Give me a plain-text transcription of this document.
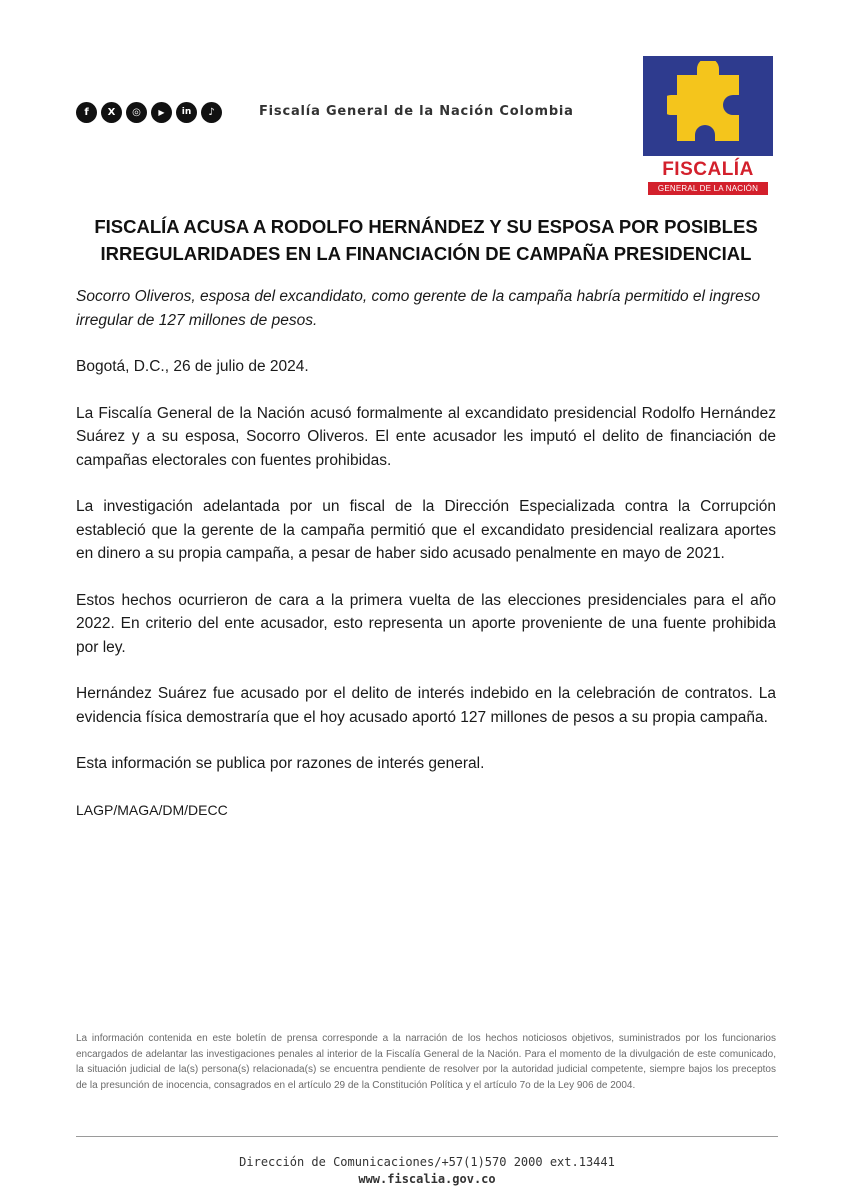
f	X	◎	▶	in	♪	Fiscalía General de la Nación Colombia
FISCALÍA
GENERAL DE LA NACIÓN
FISCALÍA ACUSA A RODOLFO HERNÁNDEZ Y SU ESPOSA POR POSIBLES IRREGULARIDADES EN LA FINANCIACIÓN DE CAMPAÑA PRESIDENCIAL

Socorro Oliveros, esposa del excandidato, como gerente de la campaña habría permitido el ingreso irregular de 127 millones de pesos.

Bogotá, D.C., 26 de julio de 2024.

La Fiscalía General de la Nación acusó formalmente al excandidato presidencial Rodolfo Hernández Suárez y a su esposa, Socorro Oliveros. El ente acusador les imputó el delito de financiación de campañas electorales con fuentes prohibidas.

La investigación adelantada por un fiscal de la Dirección Especializada contra la Corrupción estableció que la gerente de la campaña permitió que el excandidato presidencial realizara aportes en dinero a su propia campaña, a pesar de haber sido acusado penalmente en mayo de 2021.

Estos hechos ocurrieron de cara a la primera vuelta de las elecciones presidenciales para el año 2022. En criterio del ente acusador, esto representa un aporte proveniente de una fuente prohibida por ley.

Hernández Suárez fue acusado por el delito de interés indebido en la celebración de contratos. La evidencia física demostraría que el hoy acusado aportó 127 millones de pesos a su propia campaña.

Esta información se publica por razones de interés general.

LAGP/MAGA/DM/DECC

La información contenida en este boletín de prensa corresponde a la narración de los hechos noticiosos objetivos, suministrados por los funcionarios encargados de adelantar las investigaciones penales al interior de la Fiscalía General de la Nación. Para el momento de la divulgación de este comunicado, la situación judicial de la(s) persona(s) relacionada(s) se encuentra pendiente de resolver por la autoridad judicial competente, siempre bajos los preceptos de la presunción de inocencia, consagrados en el artículo 29 de la Constitución Política y el artículo 7o de la Ley 906 de 2004.
Dirección de Comunicaciones/+57(1)570 2000 ext.13441
www.fiscalia.gov.co
